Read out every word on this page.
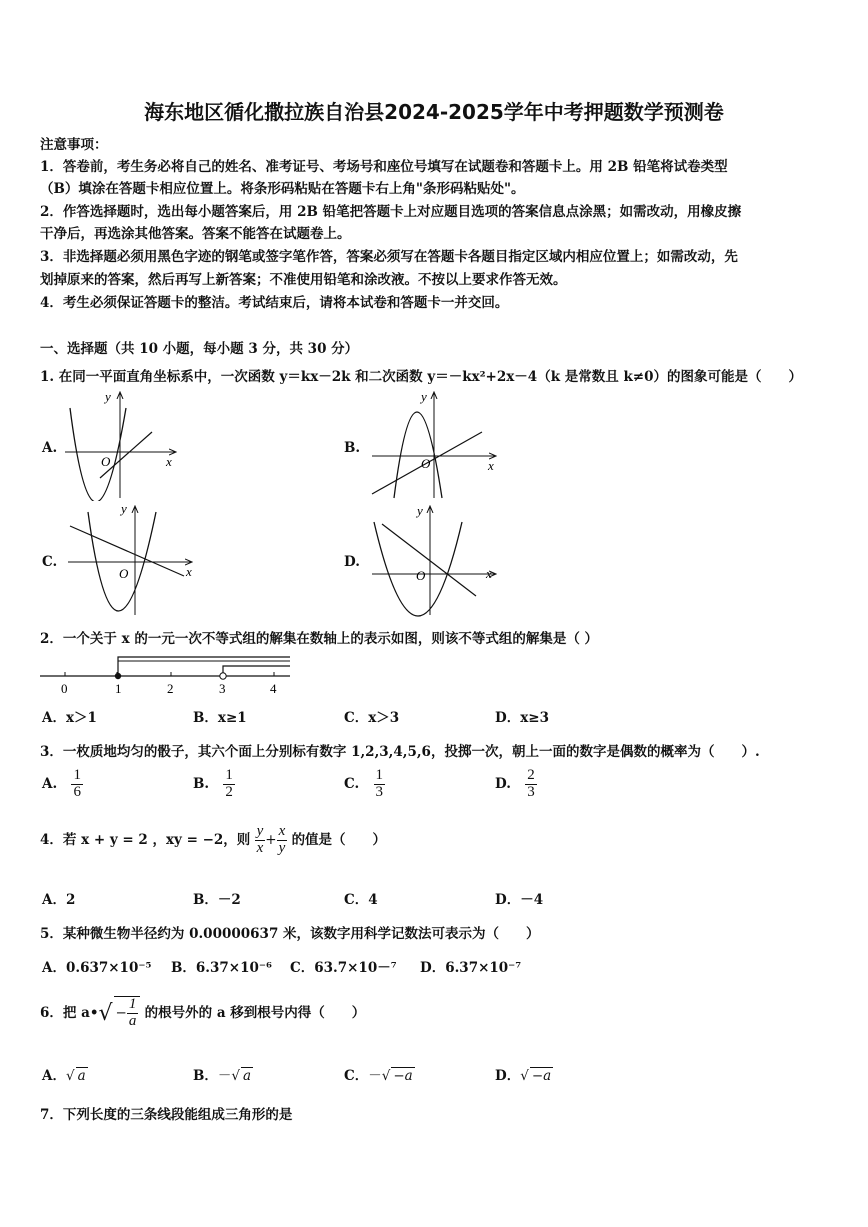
海东地区循化撒拉族自治县2024-2025学年中考押题数学预测卷
注意事项：
1．答卷前，考生务必将自己的姓名、准考证号、考场号和座位号填写在试题卷和答题卡上。用 2B 铅笔将试卷类型
（B）填涂在答题卡相应位置上。将条形码粘贴在答题卡右上角"条形码粘贴处"。
2．作答选择题时，选出每小题答案后，用 2B 铅笔把答题卡上对应题目选项的答案信息点涂黑；如需改动，用橡皮擦
干净后，再选涂其他答案。答案不能答在试题卷上。
3．非选择题必须用黑色字迹的钢笔或签字笔作答，答案必须写在答题卡各题目指定区域内相应位置上；如需改动，先
划掉原来的答案，然后再写上新答案；不准使用铅笔和涂改液。不按以上要求作答无效。
4．考生必须保证答题卡的整洁。考试结束后，请将本试卷和答题卡一并交回。
一、选择题（共 10 小题，每小题 3 分，共 30 分）
1. 在同一平面直角坐标系中，一次函数 y＝kx－2k 和二次函数 y＝－kx²+2x－4（k 是常数且 k≠0）的图象可能是（　　）
A.	B.
C.	D.
y
x
O
y
x
O
y
x
O
y
x
O
2．一个关于 x 的一元一次不等式组的解集在数轴上的表示如图，则该不等式组的解集是（ ）
0	1	2	3	4
A．x＞1	B．x≥1	C．x＞3	D．x≥3
3．一枚质地均匀的骰子，其六个面上分别标有数字 1,2,3,4,5,6，投掷一次，朝上一面的数字是偶数的概率为（　　）.
A. $\frac{1}{6}$	B. $\frac{1}{2}$	C. $\frac{1}{3}$	D. $\frac{2}{3}$
4．若 x + y = 2 ，xy = −2，则 $\frac{y}{x} + \frac{x}{y}$ 的值是（　　）
A．2	B．－2	C．4	D．－4
5．某种微生物半径约为 0.00000637 米，该数字用科学记数法可表示为（　　）
A．0.637×10⁻⁵ B．6.37×10⁻⁶ C．63.7×10－⁷ D．6.37×10⁻⁷
6．把 a•√ − $\frac{1}{a}$ 的根号外的 a 移到根号内得（　　）
A．√ a	B．－√ a	C．－√ −a	D．√ −a
7．下列长度的三条线段能组成三角形的是
